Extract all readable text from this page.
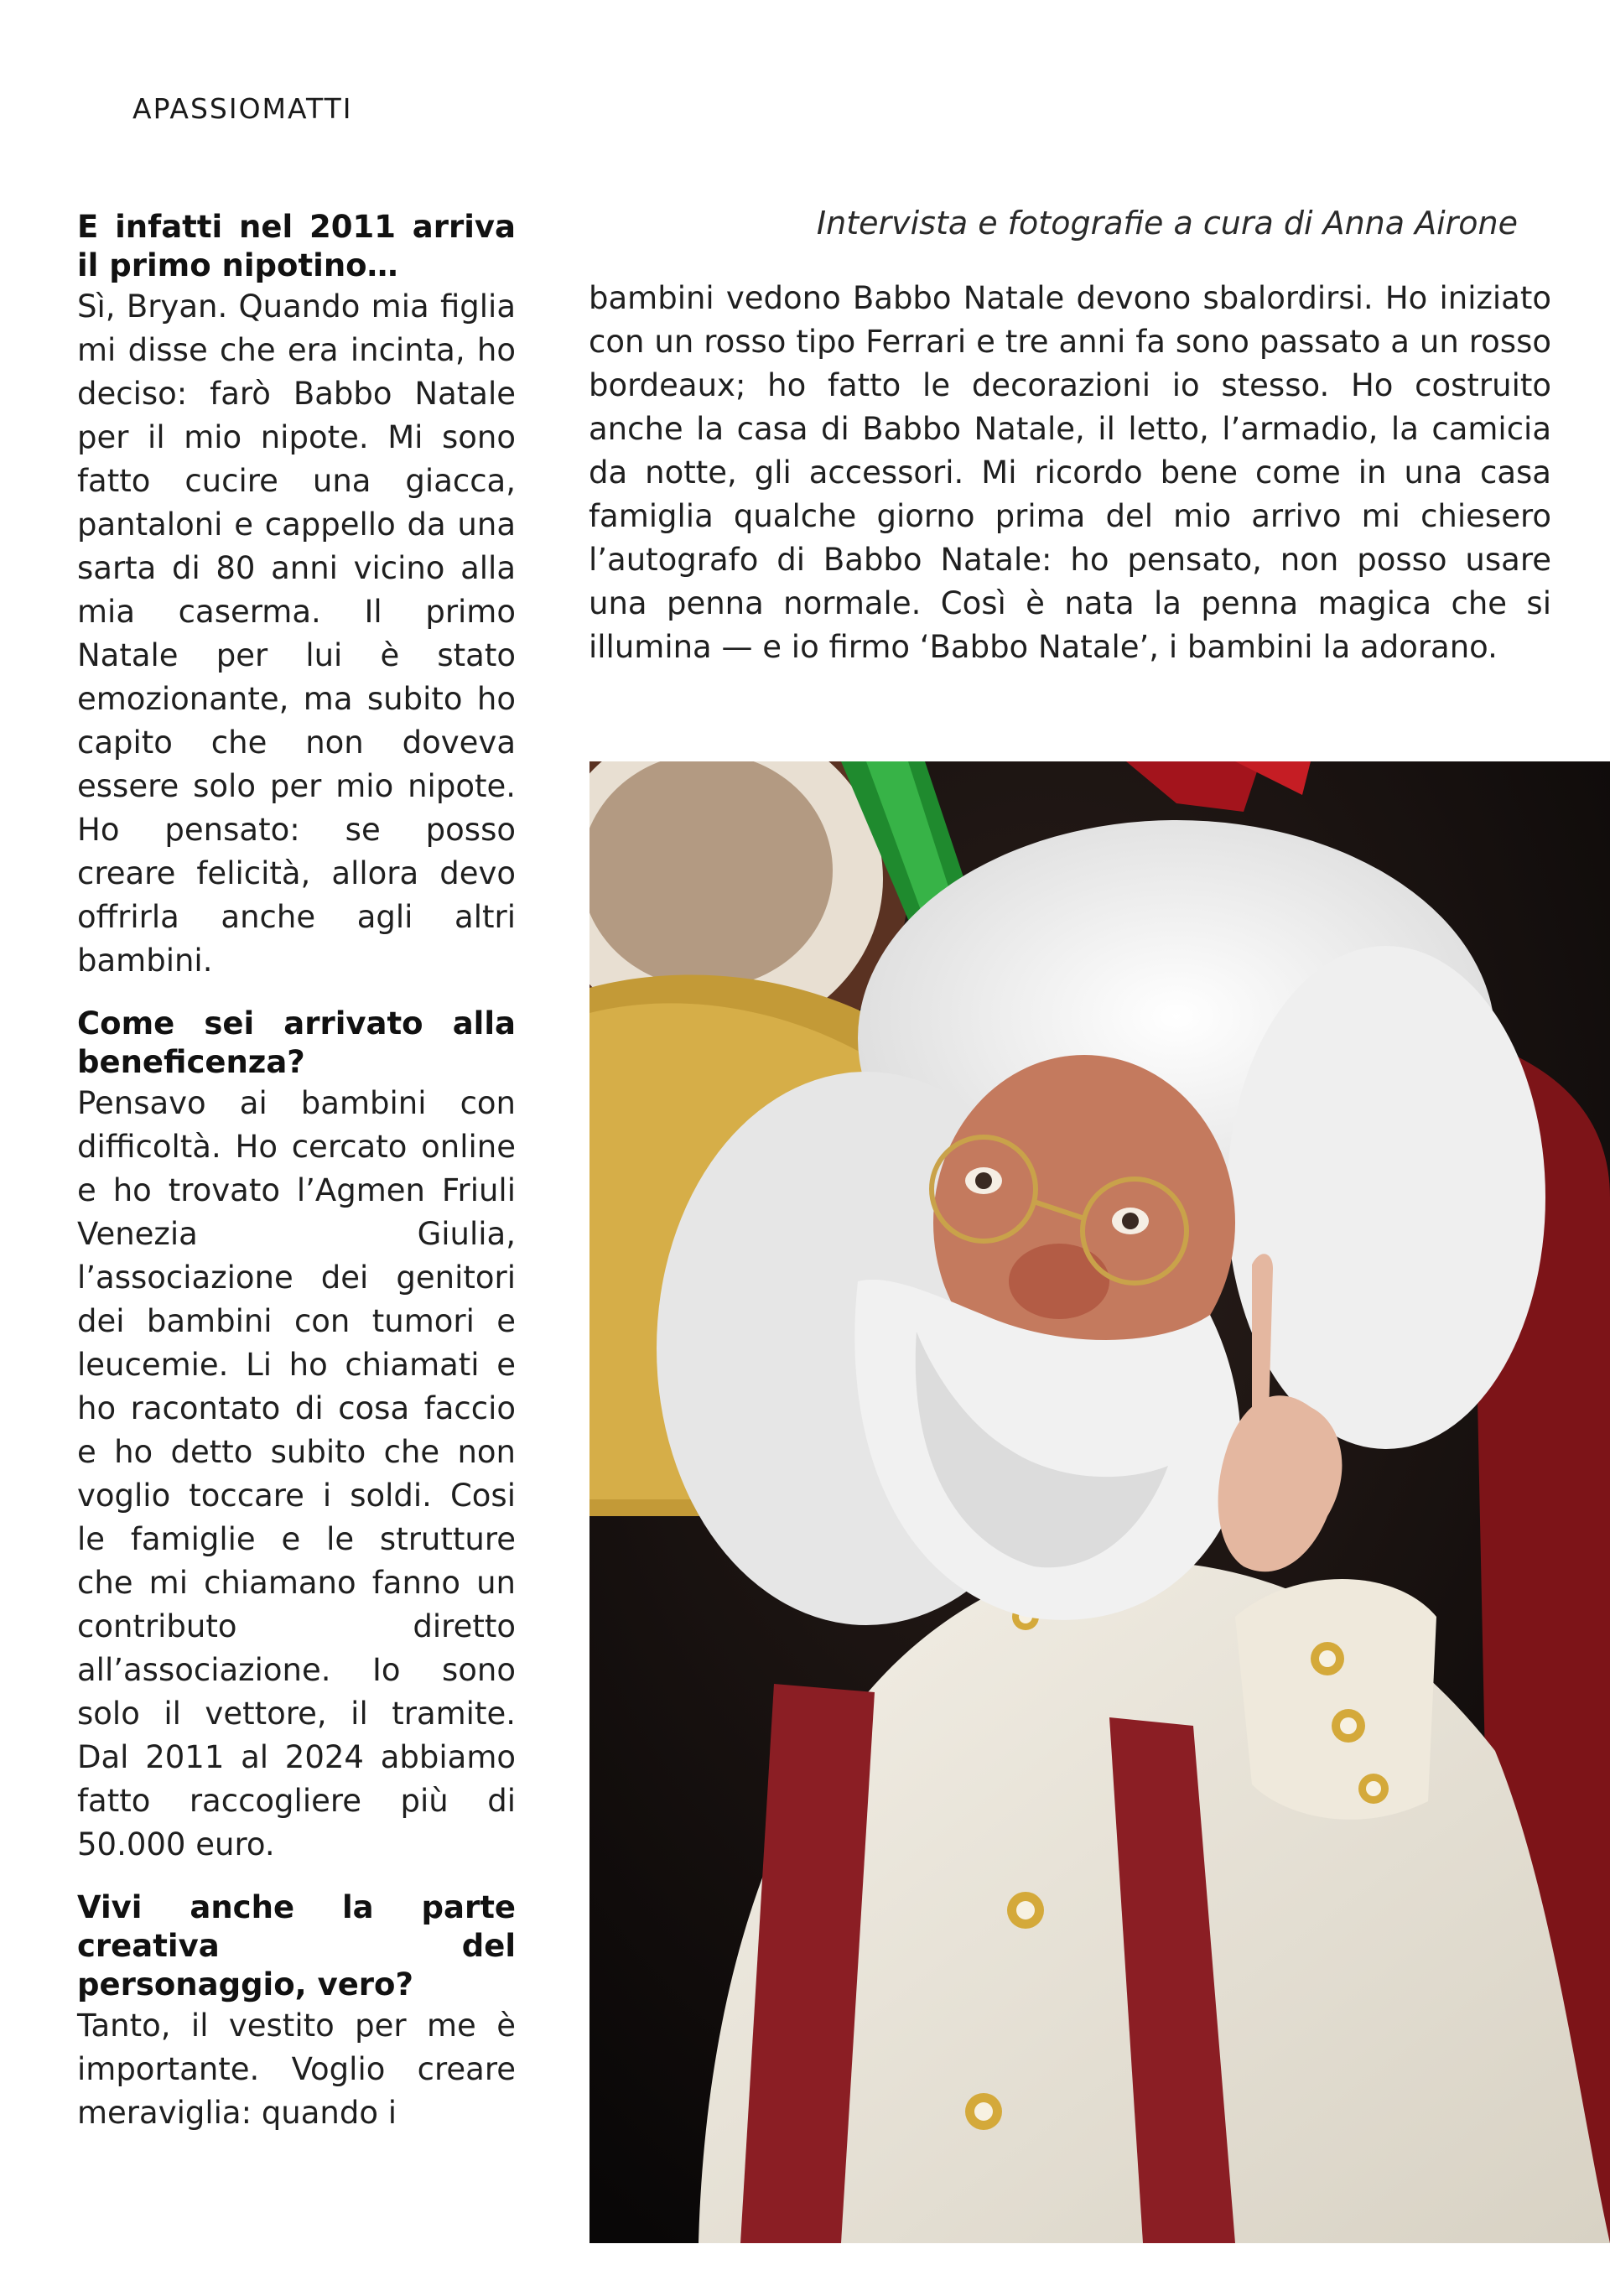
APASSIOMATTI

E infatti nel 2011 arriva il primo nipotino…

Sì, Bryan. Quando mia figlia mi disse che era incinta, ho deciso: farò Babbo Natale per il mio nipote. Mi sono fatto cucire una giacca, pantaloni e cappello da una sarta di 80 anni vicino alla mia caserma. Il primo Natale per lui è stato emozionante, ma subito ho capito che non doveva essere solo per mio nipote. Ho pensato: se posso creare felicità, allora devo offrirla anche agli altri bambini.

Come sei arrivato alla beneficenza?

Pensavo ai bambini con difficoltà. Ho cercato online e ho trovato l’Agmen Friuli Venezia Giulia, l’associazione dei genitori dei bambini con tumori e leucemie. Li ho chiamati e ho racontato di cosa faccio e ho detto subito che non voglio toccare i soldi. Cosi le famiglie e le strutture che mi chiamano fanno un contributo diretto all’associazione. Io sono solo il vettore, il tramite. Dal 2011 al 2024 abbiamo fatto raccogliere più di 50.000 euro.

Vivi anche la parte creativa del personaggio, vero?

Tanto, il vestito per me è importante. Voglio creare meraviglia: quando i

Intervista e fotografie a cura di Anna Airone

bambini vedono Babbo Natale devono sbalordirsi. Ho iniziato con un rosso tipo Ferrari e tre anni fa sono passato a un rosso bordeaux; ho fatto le decorazioni io stesso. Ho costruito anche la casa di Babbo Natale, il letto, l’armadio, la camicia da notte, gli accessori. Mi ricordo bene come in una casa famiglia qualche giorno prima del mio arrivo mi chiesero l’autografo di Babbo Natale: ho pensato, non posso usare una penna normale. Così è nata la penna magica che si illumina — e io firmo ‘Babbo Natale’, i bambini la adorano.
